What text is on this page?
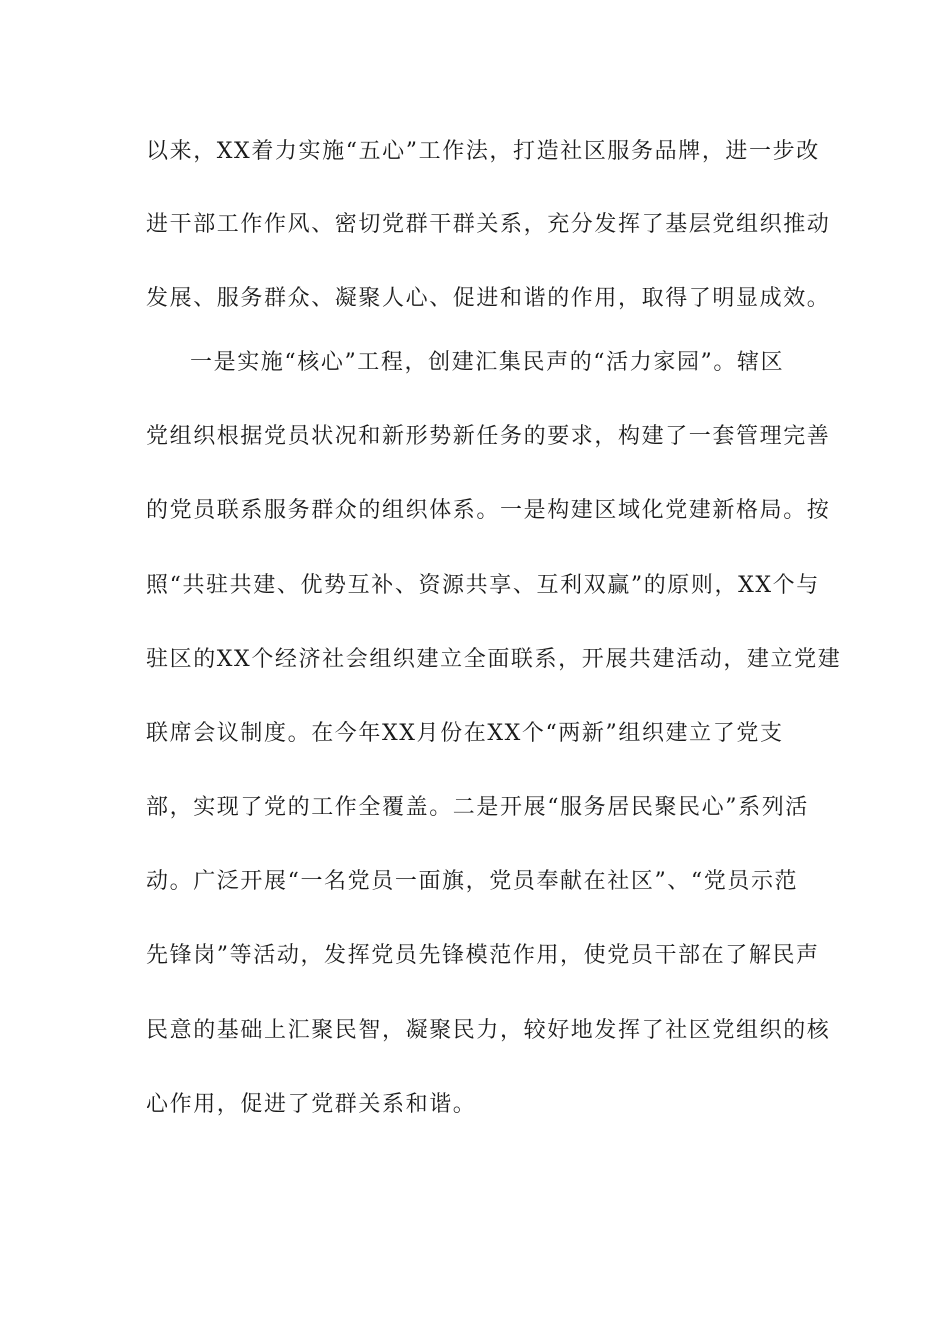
以来，XX着力实施“五心”工作法，打造社区服务品牌，进一步改
进干部工作作风、密切党群干群关系，充分发挥了基层党组织推动
发展、服务群众、凝聚人心、促进和谐的作用，取得了明显成效。
一是实施“核心”工程，创建汇集民声的“活力家园”。辖区
党组织根据党员状况和新形势新任务的要求，构建了一套管理完善
的党员联系服务群众的组织体系。一是构建区域化党建新格局。按
照“共驻共建、优势互补、资源共享、互利双赢”的原则，XX个与
驻区的XX个经济社会组织建立全面联系，开展共建活动，建立党建
联席会议制度。在今年XX月份在XX个“两新”组织建立了党支
部，实现了党的工作全覆盖。二是开展“服务居民聚民心”系列活
动。广泛开展“一名党员一面旗，党员奉献在社区”、“党员示范
先锋岗”等活动，发挥党员先锋模范作用，使党员干部在了解民声
民意的基础上汇聚民智，凝聚民力，较好地发挥了社区党组织的核
心作用，促进了党群关系和谐。
